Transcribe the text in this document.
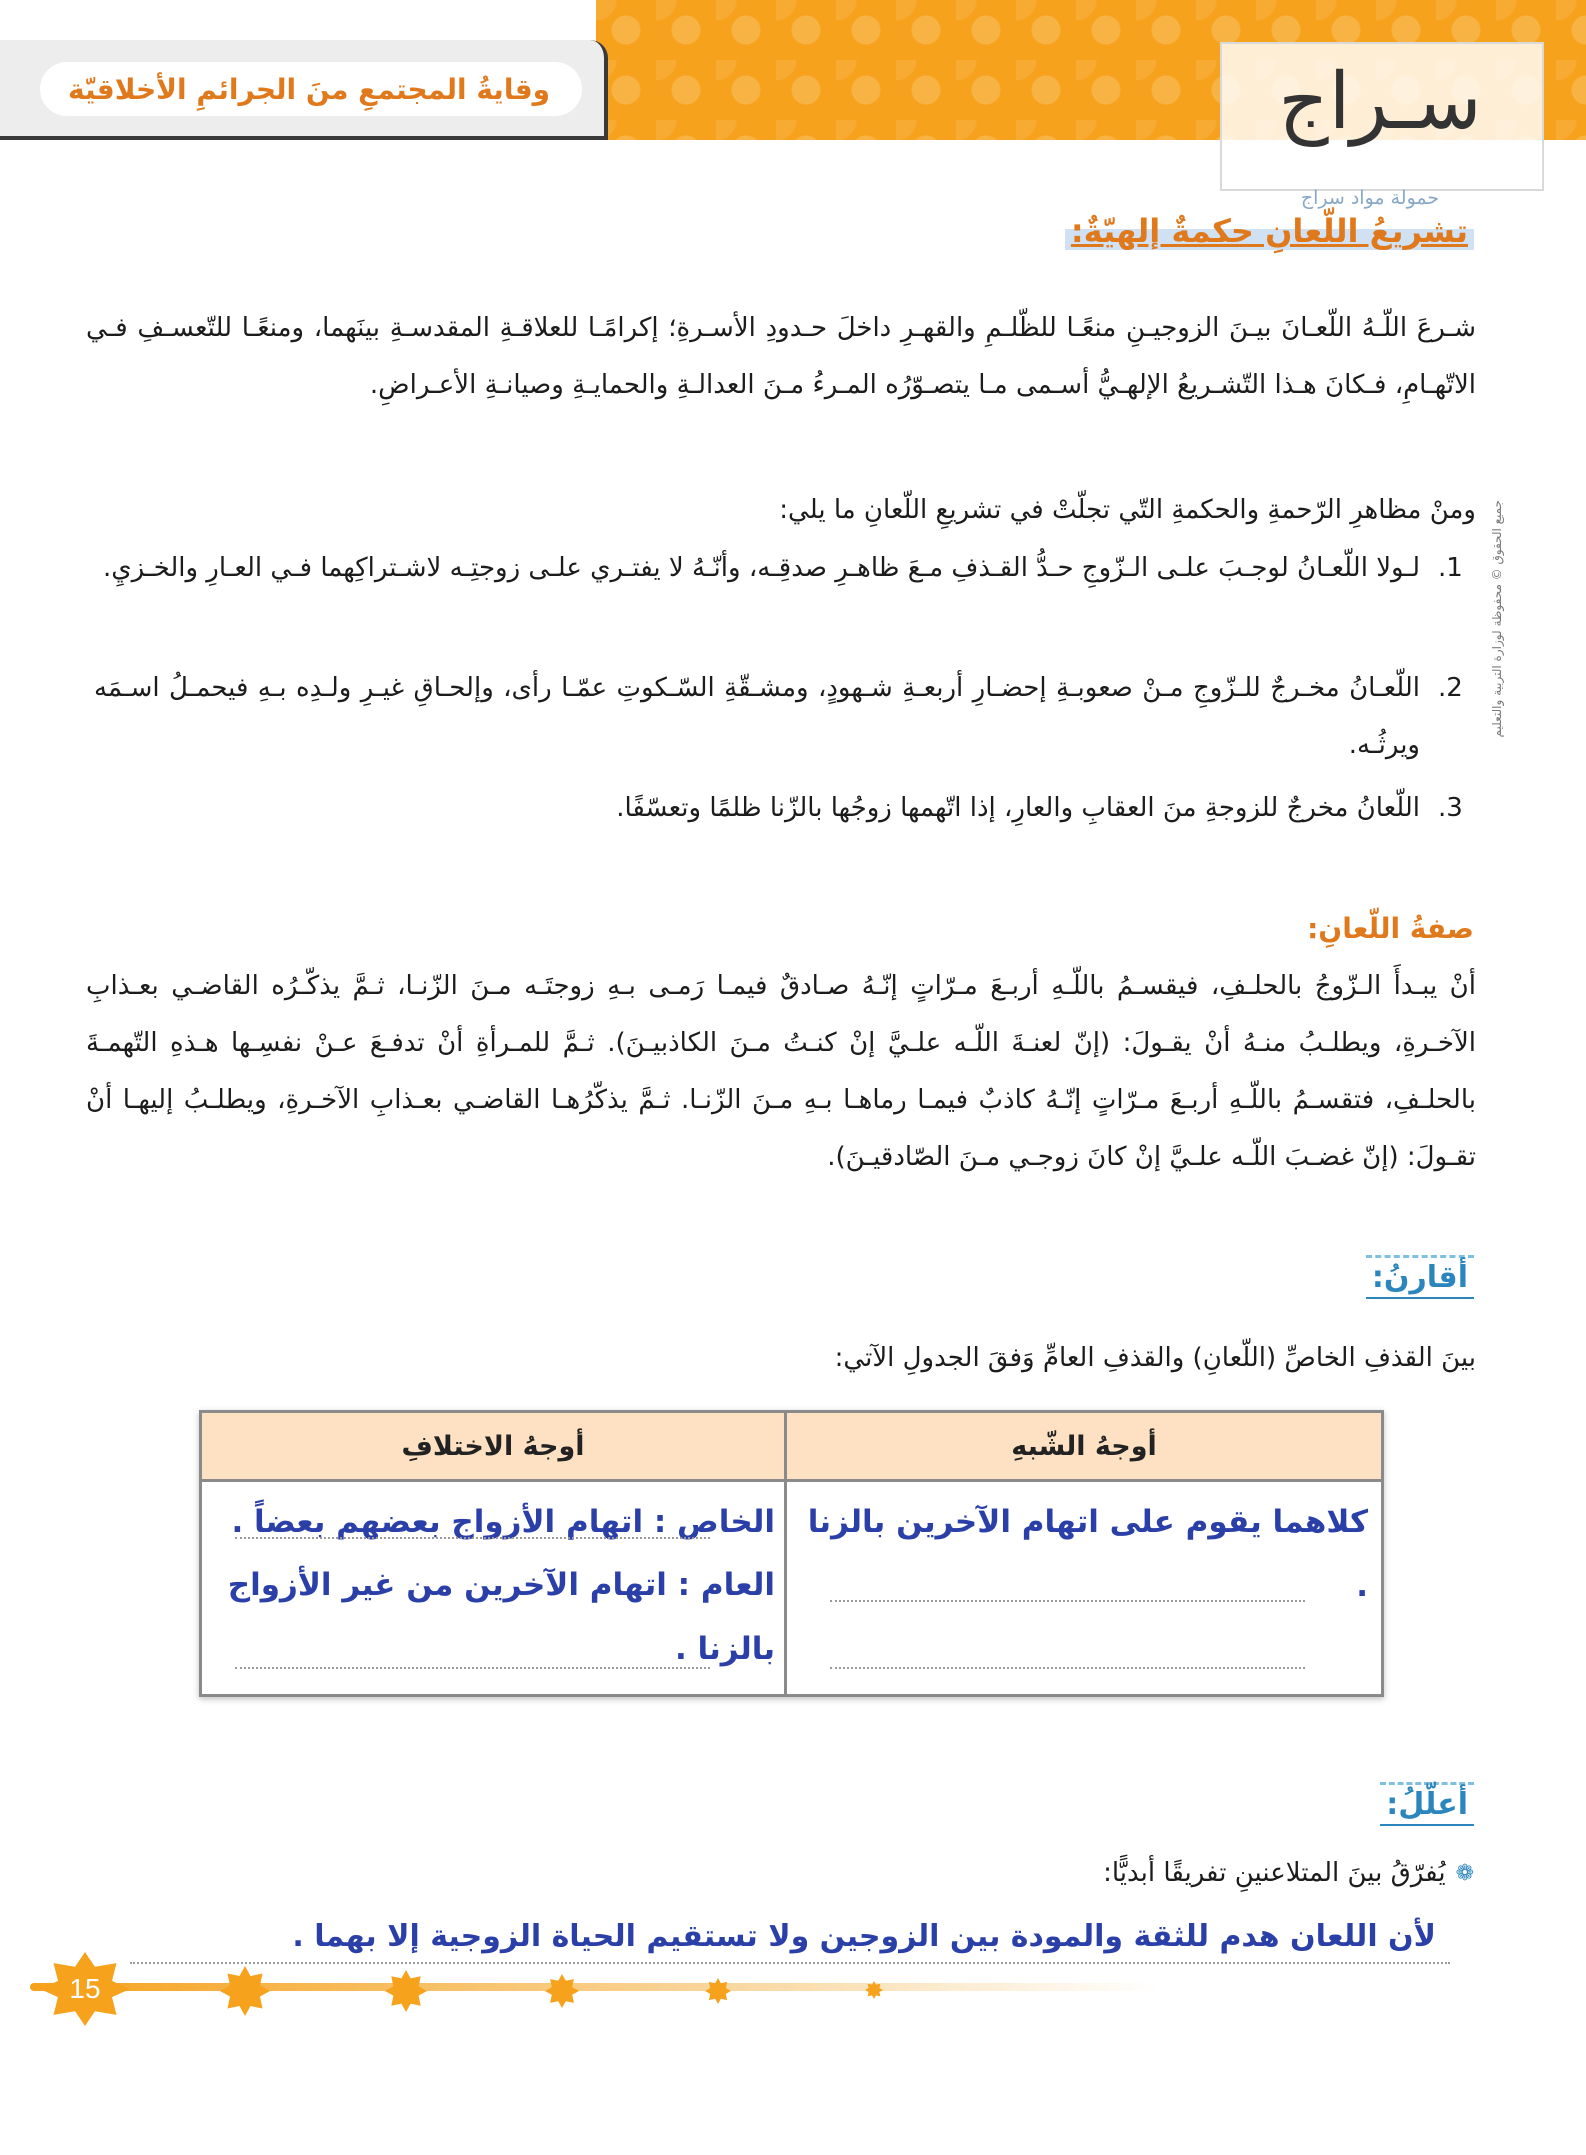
وقايةُ المجتمعِ منَ الجرائمِ الأخلاقيّة	سـراج
حمولة مواد سراج
تشريعُ اللّعانِ حكمةٌ إلهيّةٌ:
شـرعَ اللّـهُ اللّعـانَ بيـنَ الزوجيـنِ منعًـا للظّلـمِ والقهـرِ داخلَ حـدودِ الأسـرةِ؛ إكرامًـا للعلاقـةِ المقدسـةِ بينَهما، ومنعًـا للتّعسـفِ فـي الاتّهـامِ، فـكانَ هـذا التّشـريعُ الإلهـيُّ أسـمى مـا يتصـوّرُه المـرءُ مـنَ العدالـةِ والحمايـةِ وصيانـةِ الأعـراضِ.
ومنْ مظاهرِ الرّحمةِ والحكمةِ التّي تجلّتْ في تشريعِ اللّعانِ ما يلي:
1.
لـولا اللّعـانُ لوجـبَ علـى الـزّوجِ حـدُّ القـذفِ مـعَ ظاهـرِ صدقِـه، وأنّـهُ لا يفتـري علـى زوجتِـه لاشـتراكِهما فـي العـارِ والخـزيِ.
2.
اللّعـانُ مخـرجٌ للـزّوجِ مـنْ صعوبـةِ إحضـارِ أربعـةِ شـهودٍ، ومشـقّةِ السّـكوتِ عمّـا رأى، وإلحـاقِ غيـرِ ولـدِه بـهِ فيحمـلُ اسـمَه ويرثُـه.
3.
اللّعانُ مخرجٌ للزوجةِ منَ العقابِ والعارِ، إذا اتّهمها زوجُها بالزّنا ظلمًا وتعسّفًا.
صفةُ اللّعانِ:
أنْ يبـدأَ الـزّوجُ بالحلـفِ، فيقسـمُ باللّـهِ أربـعَ مـرّاتٍ إنّـهُ صـادقٌ فيمـا رَمـى بـهِ زوجتَـه مـنَ الزّنـا، ثـمَّ يذكّـرُه القاضـي بعـذابِ الآخـرةِ، ويطلـبُ منـهُ أنْ يقـولَ: (إنّ لعنـةَ اللّـه علـيَّ إنْ كنـتُ مـنَ الكاذبيـنَ). ثـمَّ للمـرأةِ أنْ تدفـعَ عـنْ نفسِـها هـذهِ التّهمـةَ بالحلـفِ، فتقسـمُ باللّـهِ أربـعَ مـرّاتٍ إنّـهُ كاذبٌ فيمـا رماهـا بـهِ مـنَ الزّنـا. ثـمَّ يذكّرُهـا القاضـي بعـذابِ الآخـرةِ، ويطلـبُ إليهـا أنْ تقـولَ: (إنّ غضـبَ اللّـه علـيَّ إنْ كانَ زوجـي مـنَ الصّادقيـنَ).
أقارنُ:
بينَ القذفِ الخاصِّ (اللّعانِ) والقذفِ العامِّ وَفقَ الجدولِ الآتي:
أوجهُ الشّبهِ
أوجهُ الاختلافِ
كلاهما يقوم على اتهام الآخرين بالزنا .
الخاص : اتهام الأزواج بعضهم بعضاً .
العام : اتهام الآخرين من غير الأزواج بالزنا .
أعلّلُ:
❁
يُفرّقُ بينَ المتلاعنينِ تفريقًا أبديًّا:
لأن اللعان هدم للثقة والمودة بين الزوجين ولا تستقيم الحياة الزوجية إلا بهما .
15
جميع الحقوق © محفوظة لوزارة التربية والتعليم
